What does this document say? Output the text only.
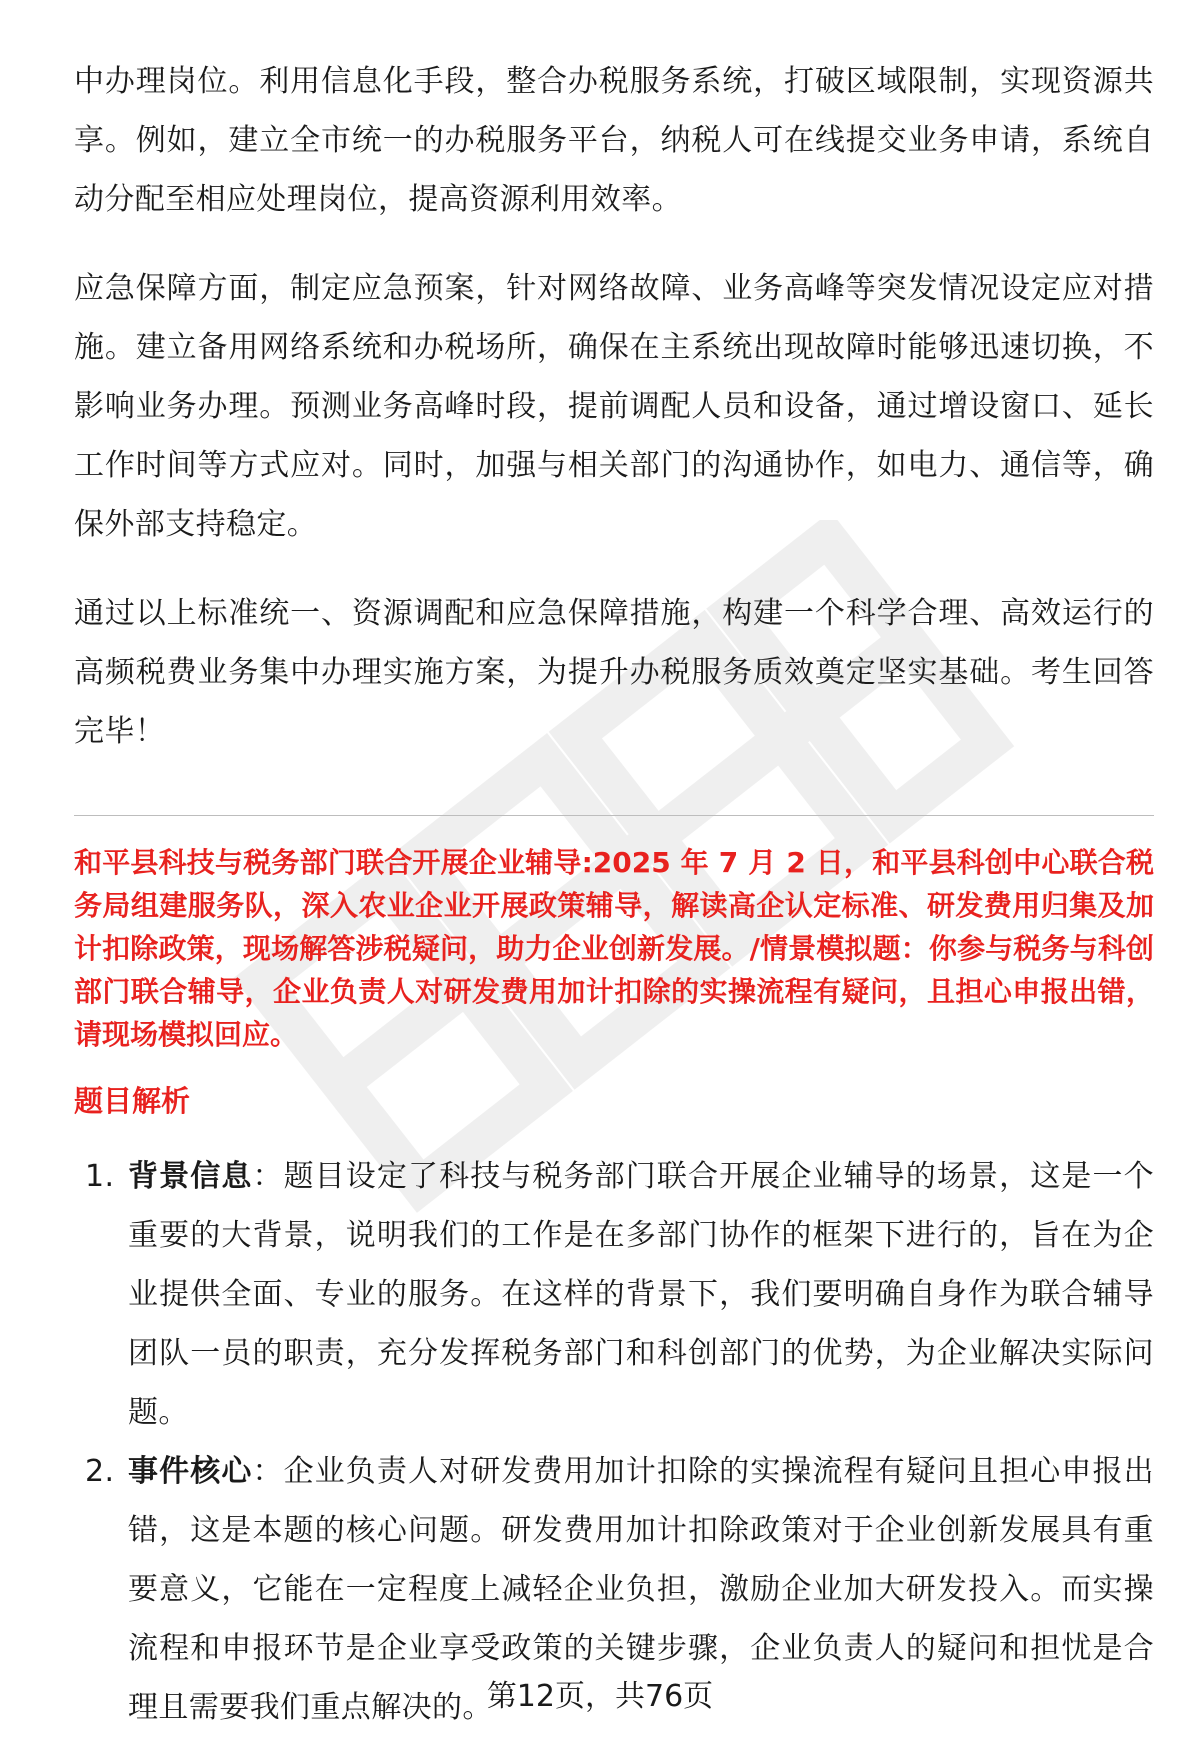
中办理岗位。利用信息化手段，整合办税服务系统，打破区域限制，实现资源共享。例如，建立全市统一的办税服务平台，纳税人可在线提交业务申请，系统自动分配至相应处理岗位，提高资源利用效率。

应急保障方面，制定应急预案，针对网络故障、业务高峰等突发情况设定应对措施。建立备用网络系统和办税场所，确保在主系统出现故障时能够迅速切换，不影响业务办理。预测业务高峰时段，提前调配人员和设备，通过增设窗口、延长工作时间等方式应对。同时，加强与相关部门的沟通协作，如电力、通信等，确保外部支持稳定。

通过以上标准统一、资源调配和应急保障措施，构建一个科学合理、高效运行的高频税费业务集中办理实施方案，为提升办税服务质效奠定坚实基础。考生回答完毕！

和平县科技与税务部门联合开展企业辅导:2025 年 7 月 2 日，和平县科创中心联合税务局组建服务队，深入农业企业开展政策辅导，解读高企认定标准、研发费用归集及加计扣除政策，现场解答涉税疑问，助力企业创新发展。/情景模拟题：你参与税务与科创部门联合辅导，企业负责人对研发费用加计扣除的实操流程有疑问，且担心申报出错，请现场模拟回应。

题目解析

1. 背景信息：题目设定了科技与税务部门联合开展企业辅导的场景，这是一个重要的大背景，说明我们的工作是在多部门协作的框架下进行的，旨在为企业提供全面、专业的服务。在这样的背景下，我们要明确自身作为联合辅导团队一员的职责，充分发挥税务部门和科创部门的优势，为企业解决实际问题。
2. 事件核心：企业负责人对研发费用加计扣除的实操流程有疑问且担心申报出错，这是本题的核心问题。研发费用加计扣除政策对于企业创新发展具有重要意义，它能在一定程度上减轻企业负担，激励企业加大研发投入。而实操流程和申报环节是企业享受政策的关键步骤，企业负责人的疑问和担忧是合理且需要我们重点解决的。
第12页，共76页
